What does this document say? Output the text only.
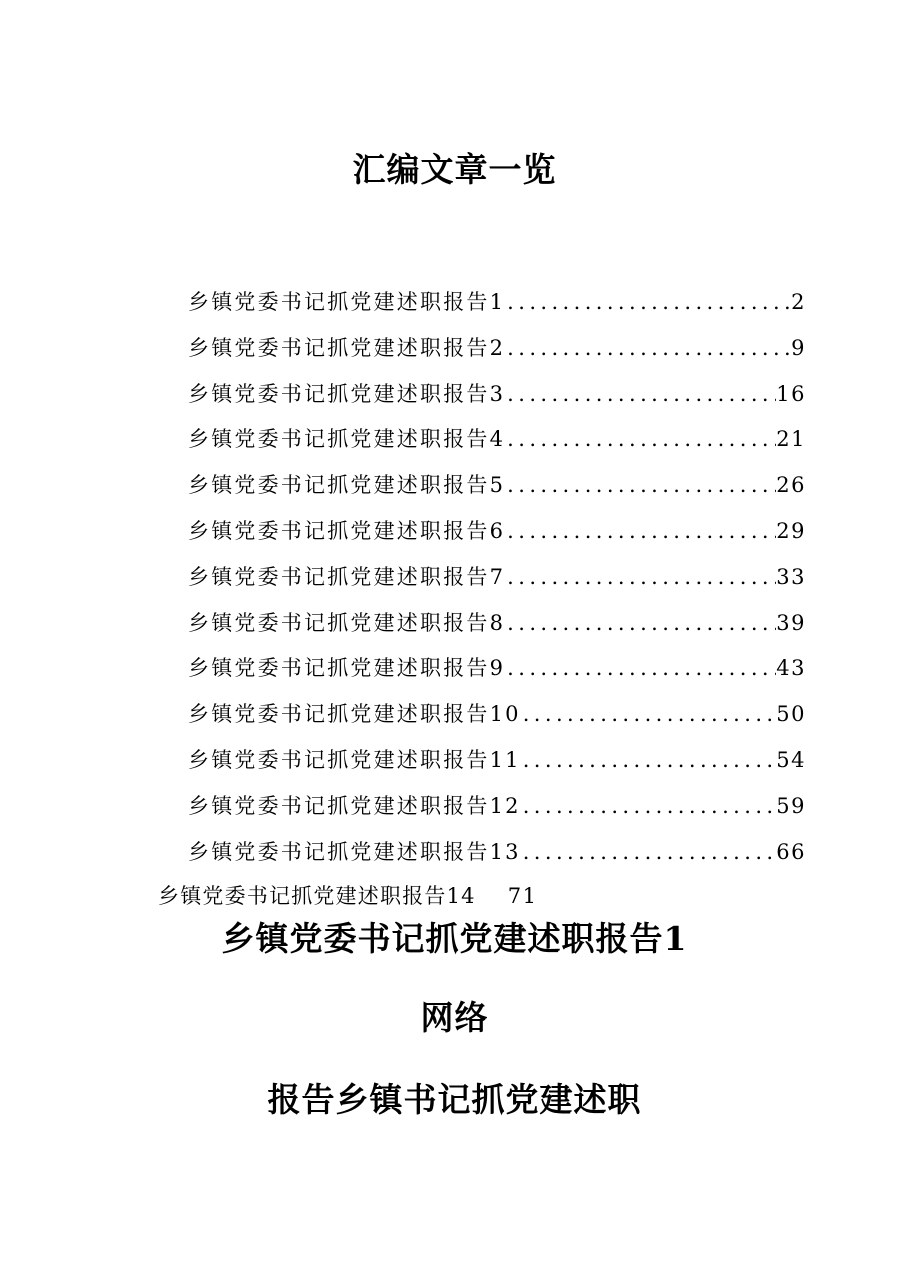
汇编文章一览
乡镇党委书记抓党建述职报告1 .....	2
乡镇党委书记抓党建述职报告2 .....	9
乡镇党委书记抓党建述职报告3 .....	16
乡镇党委书记抓党建述职报告4 .....	21
乡镇党委书记抓党建述职报告5 .....	26
乡镇党委书记抓党建述职报告6 .....	29
乡镇党委书记抓党建述职报告7 .....	33
乡镇党委书记抓党建述职报告8 .....	39
乡镇党委书记抓党建述职报告9 .....	43
乡镇党委书记抓党建述职报告10 .....	50
乡镇党委书记抓党建述职报告11 .....	54
乡镇党委书记抓党建述职报告12 .....	59
乡镇党委书记抓党建述职报告13 .....	66
乡镇党委书记抓党建述职报告14 71
乡镇党委书记抓党建述职报告1
网络
报告乡镇书记抓党建述职
